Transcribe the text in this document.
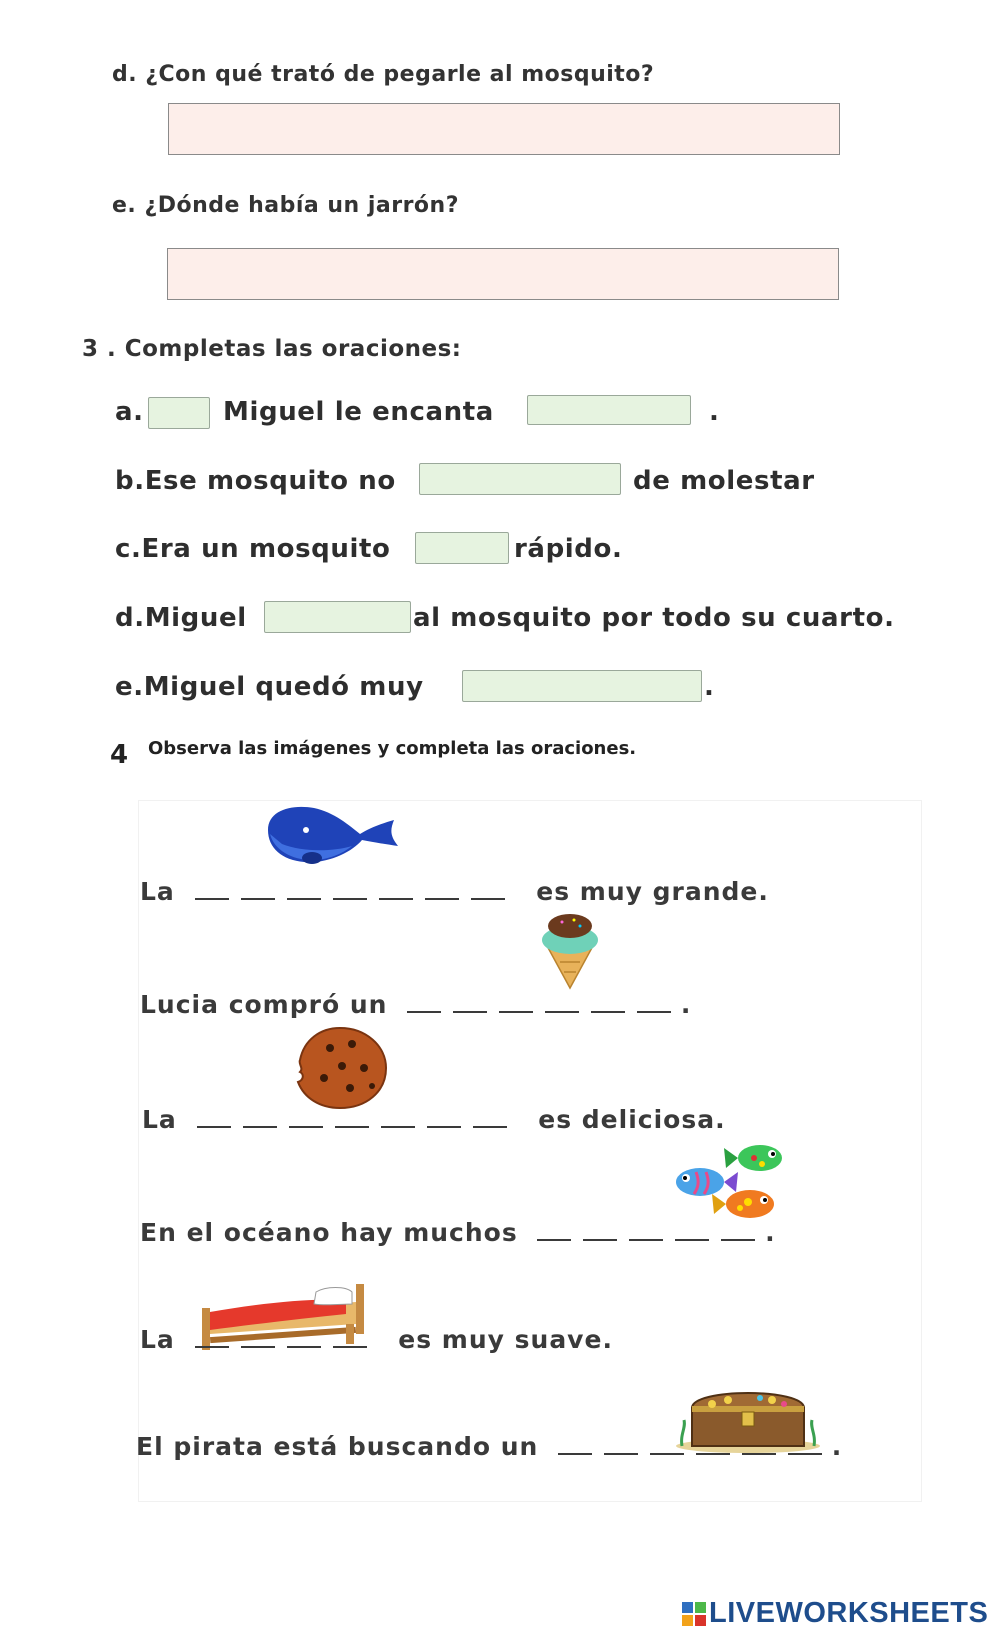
d. ¿Con qué trató de pegarle al mosquito?
e. ¿Dónde había un jarrón?
3 . Completas las oraciones:
a.	Miguel le encanta	.
b.Ese mosquito no	de molestar
c.Era un mosquito	rápido.
d.Miguel	al mosquito por todo su cuarto.
e.Miguel quedó muy	.
4 Observa las imágenes y completa las oraciones.
La	es muy grande.
Lucia compró un	.
La	es deliciosa.
En el océano hay muchos	.
La	es muy suave.
El pirata está buscando un	.
LIVEWORKSHEETS
